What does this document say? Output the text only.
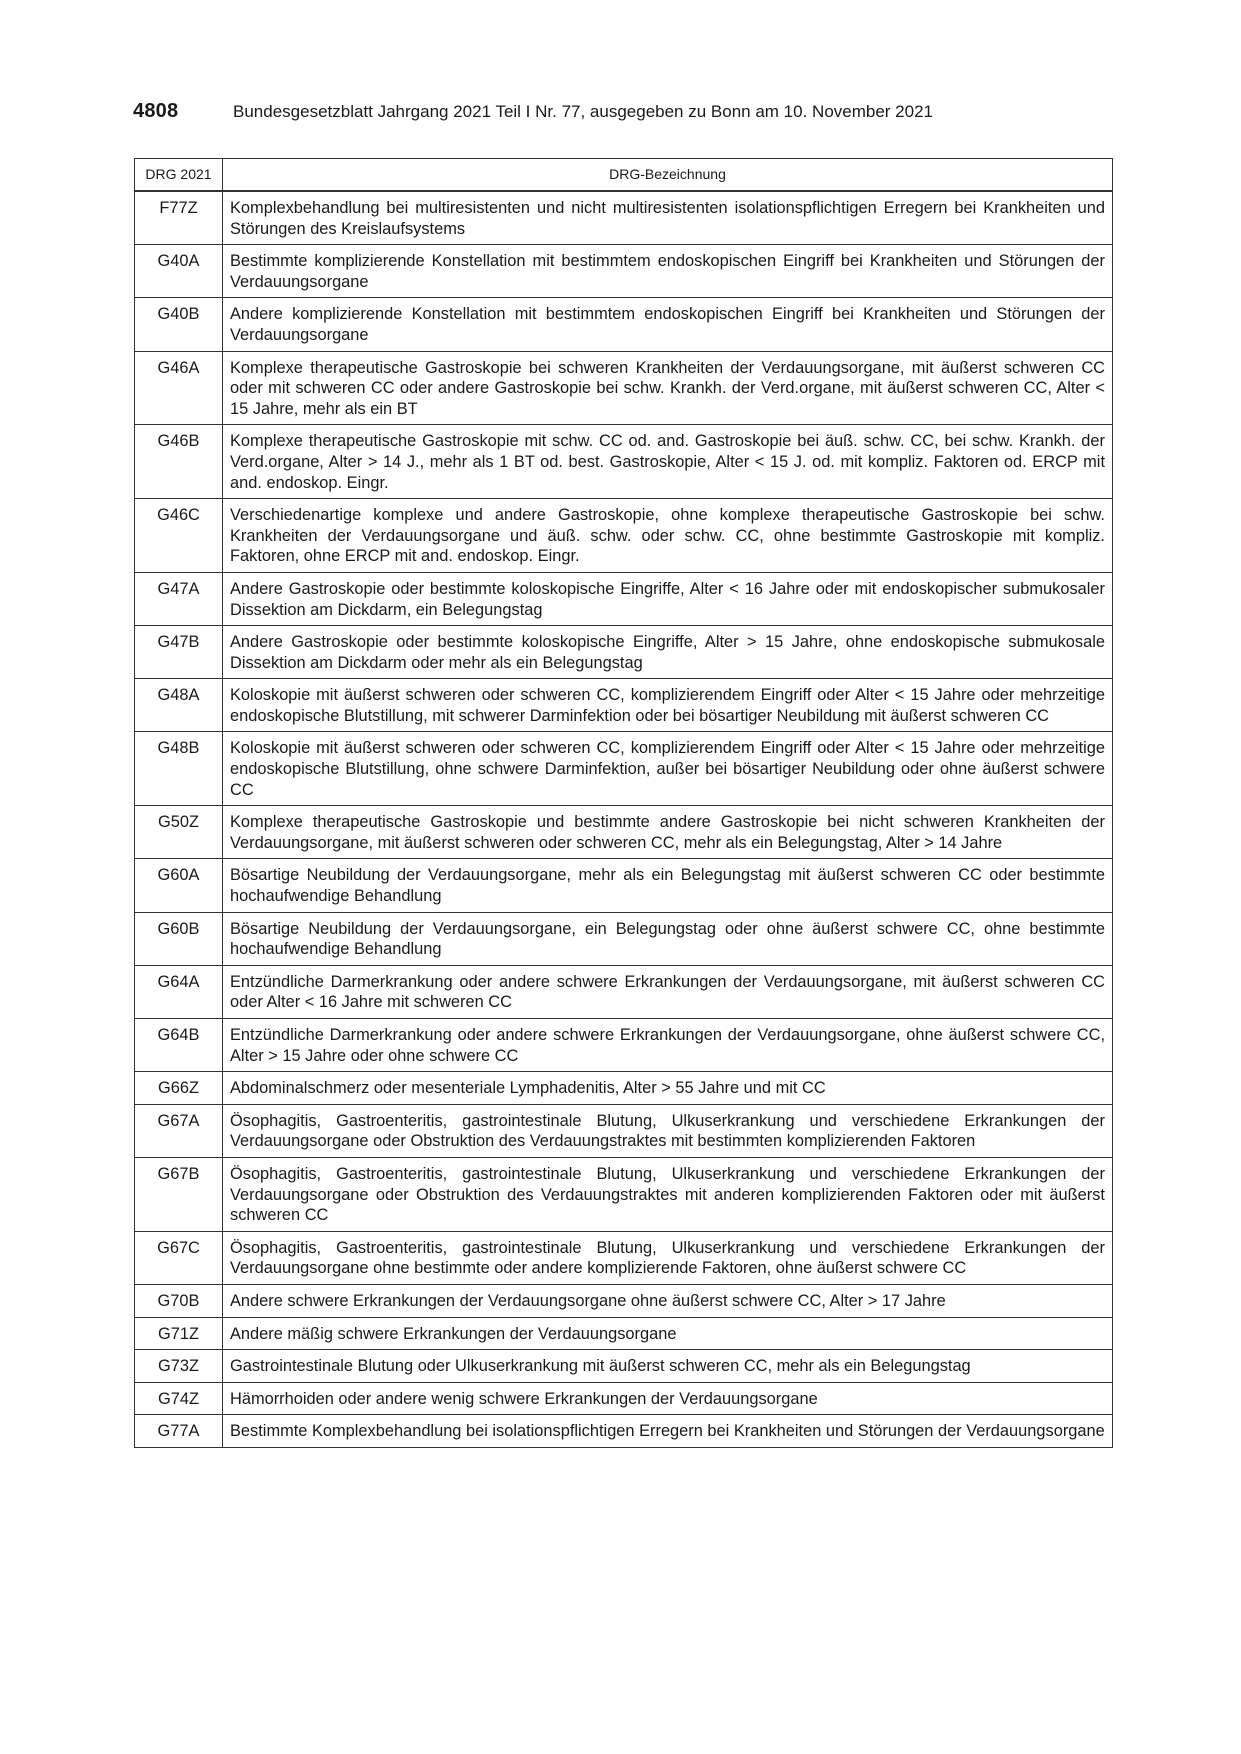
4808	Bundesgesetzblatt Jahrgang 2021 Teil I Nr. 77, ausgegeben zu Bonn am 10. November 2021
DRG 2021	DRG-Bezeichnung
F77Z	Komplexbehandlung bei multiresistenten und nicht multiresistenten isolationspflichtigen Erregern bei Krankheiten und Störungen des Kreislaufsystems
G40A	Bestimmte komplizierende Konstellation mit bestimmtem endoskopischen Eingriff bei Krankheiten und Störungen der Verdauungsorgane
G40B	Andere komplizierende Konstellation mit bestimmtem endoskopischen Eingriff bei Krankheiten und Störungen der Verdauungsorgane
G46A	Komplexe therapeutische Gastroskopie bei schweren Krankheiten der Verdauungsorgane, mit äußerst schweren CC oder mit schweren CC oder andere Gastroskopie bei schw. Krankh. der Verd.organe, mit äußerst schweren CC, Alter < 15 Jahre, mehr als ein BT
G46B	Komplexe therapeutische Gastroskopie mit schw. CC od. and. Gastroskopie bei äuß. schw. CC, bei schw. Krankh. der Verd.organe, Alter > 14 J., mehr als 1 BT od. best. Gastroskopie, Alter < 15 J. od. mit kompliz. Faktoren od. ERCP mit and. endoskop. Eingr.
G46C	Verschiedenartige komplexe und andere Gastroskopie, ohne komplexe therapeutische Gastroskopie bei schw. Krankheiten der Verdauungsorgane und äuß. schw. oder schw. CC, ohne bestimmte Gastroskopie mit kompliz. Faktoren, ohne ERCP mit and. endoskop. Eingr.
G47A	Andere Gastroskopie oder bestimmte koloskopische Eingriffe, Alter < 16 Jahre oder mit endoskopischer submukosaler Dissektion am Dickdarm, ein Belegungstag
G47B	Andere Gastroskopie oder bestimmte koloskopische Eingriffe, Alter > 15 Jahre, ohne endoskopische submukosale Dissektion am Dickdarm oder mehr als ein Belegungstag
G48A	Koloskopie mit äußerst schweren oder schweren CC, komplizierendem Eingriff oder Alter < 15 Jahre oder mehrzeitige endoskopische Blutstillung, mit schwerer Darminfektion oder bei bösartiger Neubildung mit äußerst schweren CC
G48B	Koloskopie mit äußerst schweren oder schweren CC, komplizierendem Eingriff oder Alter < 15 Jahre oder mehrzeitige endoskopische Blutstillung, ohne schwere Darminfektion, außer bei bösartiger Neubildung oder ohne äußerst schwere CC
G50Z	Komplexe therapeutische Gastroskopie und bestimmte andere Gastroskopie bei nicht schweren Krankheiten der Verdauungsorgane, mit äußerst schweren oder schweren CC, mehr als ein Belegungstag, Alter > 14 Jahre
G60A	Bösartige Neubildung der Verdauungsorgane, mehr als ein Belegungstag mit äußerst schweren CC oder bestimmte hochaufwendige Behandlung
G60B	Bösartige Neubildung der Verdauungsorgane, ein Belegungstag oder ohne äußerst schwere CC, ohne bestimmte hochaufwendige Behandlung
G64A	Entzündliche Darmerkrankung oder andere schwere Erkrankungen der Verdauungsorgane, mit äußerst schweren CC oder Alter < 16 Jahre mit schweren CC
G64B	Entzündliche Darmerkrankung oder andere schwere Erkrankungen der Verdauungsorgane, ohne äußerst schwere CC, Alter > 15 Jahre oder ohne schwere CC
G66Z	Abdominalschmerz oder mesenteriale Lymphadenitis, Alter > 55 Jahre und mit CC
G67A	Ösophagitis, Gastroenteritis, gastrointestinale Blutung, Ulkuserkrankung und verschiedene Erkrankungen der Verdauungsorgane oder Obstruktion des Verdauungstraktes mit bestimmten komplizierenden Faktoren
G67B	Ösophagitis, Gastroenteritis, gastrointestinale Blutung, Ulkuserkrankung und verschiedene Erkrankungen der Verdauungsorgane oder Obstruktion des Verdauungstraktes mit anderen komplizierenden Faktoren oder mit äußerst schweren CC
G67C	Ösophagitis, Gastroenteritis, gastrointestinale Blutung, Ulkuserkrankung und verschiedene Erkrankungen der Verdauungsorgane ohne bestimmte oder andere komplizierende Faktoren, ohne äußerst schwere CC
G70B	Andere schwere Erkrankungen der Verdauungsorgane ohne äußerst schwere CC, Alter > 17 Jahre
G71Z	Andere mäßig schwere Erkrankungen der Verdauungsorgane
G73Z	Gastrointestinale Blutung oder Ulkuserkrankung mit äußerst schweren CC, mehr als ein Belegungstag
G74Z	Hämorrhoiden oder andere wenig schwere Erkrankungen der Verdauungsorgane
G77A	Bestimmte Komplexbehandlung bei isolationspflichtigen Erregern bei Krankheiten und Störungen der Verdauungsorgane
